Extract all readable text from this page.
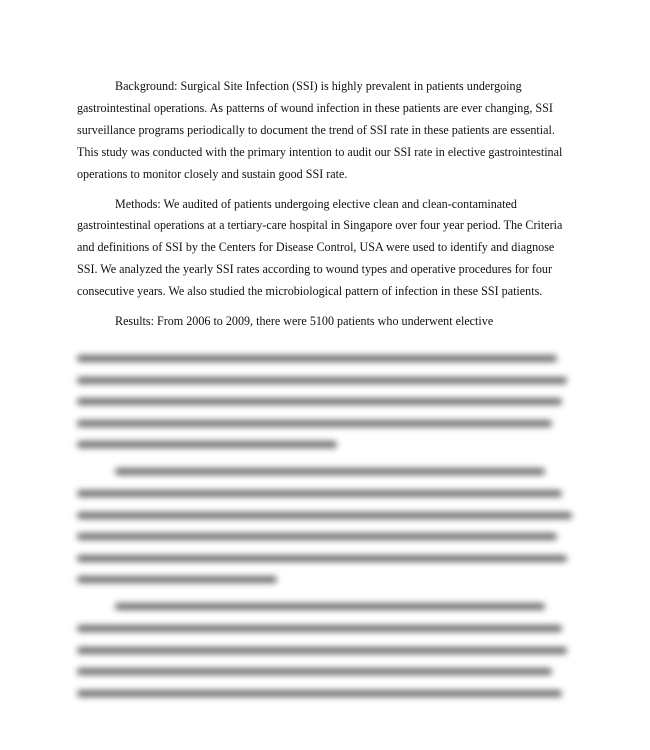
Background: Surgical Site Infection (SSI) is highly prevalent in patients undergoing gastrointestinal operations. As patterns of wound infection in these patients are ever changing, SSI surveillance programs periodically to document the trend of SSI rate in these patients are essential. This study was conducted with the primary intention to audit our SSI rate in elective gastrointestinal operations to monitor closely and sustain good SSI rate.

Methods: We audited of patients undergoing elective clean and clean-contaminated gastrointestinal operations at a tertiary-care hospital in Singapore over four year period. The Criteria and definitions of SSI by the Centers for Disease Control, USA were used to identify and diagnose SSI. We analyzed the yearly SSI rates according to wound types and operative procedures for four consecutive years. We also studied the microbiological pattern of infection in these SSI patients.

Results: From 2006 to 2009, there were 5100 patients who underwent elective
